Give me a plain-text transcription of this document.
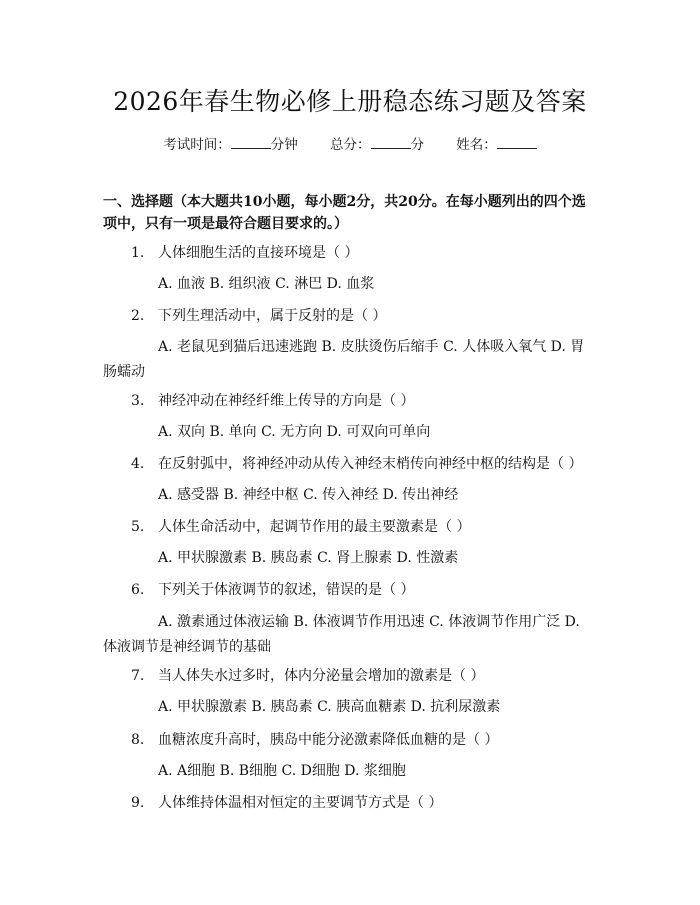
2026年春生物必修上册稳态练习题及答案
考试时间：	分钟 总分：	分 姓名：
一、选择题（本大题共10小题，每小题2分，共20分。在每小题列出的四个选项中，只有一项是最符合题目要求的。）
1. 人体细胞生活的直接环境是（ ）
A. 血液 B. 组织液 C. 淋巴 D. 血浆
2. 下列生理活动中，属于反射的是（ ）
A. 老鼠见到猫后迅速逃跑 B. 皮肤烫伤后缩手 C. 人体吸入氧气 D. 胃肠蠕动
3. 神经冲动在神经纤维上传导的方向是（ ）
A. 双向 B. 单向 C. 无方向 D. 可双向可单向
4. 在反射弧中，将神经冲动从传入神经末梢传向神经中枢的结构是（ ）
A. 感受器 B. 神经中枢 C. 传入神经 D. 传出神经
5. 人体生命活动中，起调节作用的最主要激素是（ ）
A. 甲状腺激素 B. 胰岛素 C. 肾上腺素 D. 性激素
6. 下列关于体液调节的叙述，错误的是（ ）
A. 激素通过体液运输 B. 体液调节作用迅速 C. 体液调节作用广泛 D. 体液调节是神经调节的基础
7. 当人体失水过多时，体内分泌量会增加的激素是（ ）
A. 甲状腺激素 B. 胰岛素 C. 胰高血糖素 D. 抗利尿激素
8. 血糖浓度升高时，胰岛中能分泌激素降低血糖的是（ ）
A. A细胞 B. B细胞 C. D细胞 D. 浆细胞
9. 人体维持体温相对恒定的主要调节方式是（ ）
